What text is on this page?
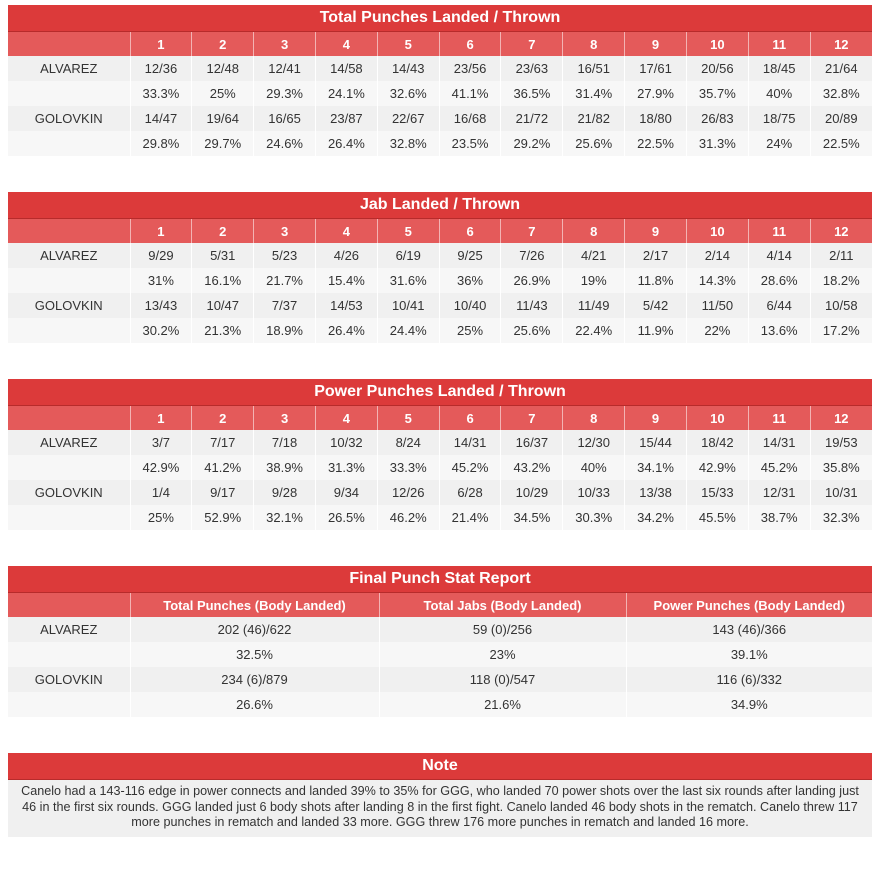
Total Punches Landed / Thrown
	1	2	3	4	5	6	7	8	9	10	11	12
ALVAREZ	12/36	12/48	12/41	14/58	14/43	23/56	23/63	16/51	17/61	20/56	18/45	21/64
	33.3%	25%	29.3%	24.1%	32.6%	41.1%	36.5%	31.4%	27.9%	35.7%	40%	32.8%
GOLOVKIN	14/47	19/64	16/65	23/87	22/67	16/68	21/72	21/82	18/80	26/83	18/75	20/89
	29.8%	29.7%	24.6%	26.4%	32.8%	23.5%	29.2%	25.6%	22.5%	31.3%	24%	22.5%
Jab Landed / Thrown
	1	2	3	4	5	6	7	8	9	10	11	12
ALVAREZ	9/29	5/31	5/23	4/26	6/19	9/25	7/26	4/21	2/17	2/14	4/14	2/11
	31%	16.1%	21.7%	15.4%	31.6%	36%	26.9%	19%	11.8%	14.3%	28.6%	18.2%
GOLOVKIN	13/43	10/47	7/37	14/53	10/41	10/40	11/43	11/49	5/42	11/50	6/44	10/58
	30.2%	21.3%	18.9%	26.4%	24.4%	25%	25.6%	22.4%	11.9%	22%	13.6%	17.2%
Power Punches Landed / Thrown
	1	2	3	4	5	6	7	8	9	10	11	12
ALVAREZ	3/7	7/17	7/18	10/32	8/24	14/31	16/37	12/30	15/44	18/42	14/31	19/53
	42.9%	41.2%	38.9%	31.3%	33.3%	45.2%	43.2%	40%	34.1%	42.9%	45.2%	35.8%
GOLOVKIN	1/4	9/17	9/28	9/34	12/26	6/28	10/29	10/33	13/38	15/33	12/31	10/31
	25%	52.9%	32.1%	26.5%	46.2%	21.4%	34.5%	30.3%	34.2%	45.5%	38.7%	32.3%
Final Punch Stat Report
	Total Punches (Body Landed)	Total Jabs (Body Landed)	Power Punches (Body Landed)
ALVAREZ	202 (46)/622	59 (0)/256	143 (46)/366
	32.5%	23%	39.1%
GOLOVKIN	234 (6)/879	118 (0)/547	116 (6)/332
	26.6%	21.6%	34.9%
Note
Canelo had a 143-116 edge in power connects and landed 39% to 35% for GGG, who landed 70 power shots over the last six rounds after landing just 46 in the first six rounds. GGG landed just 6 body shots after landing 8 in the first fight. Canelo landed 46 body shots in the rematch. Canelo threw 117 more punches in rematch and landed 33 more. GGG threw 176 more punches in rematch and landed 16 more.
